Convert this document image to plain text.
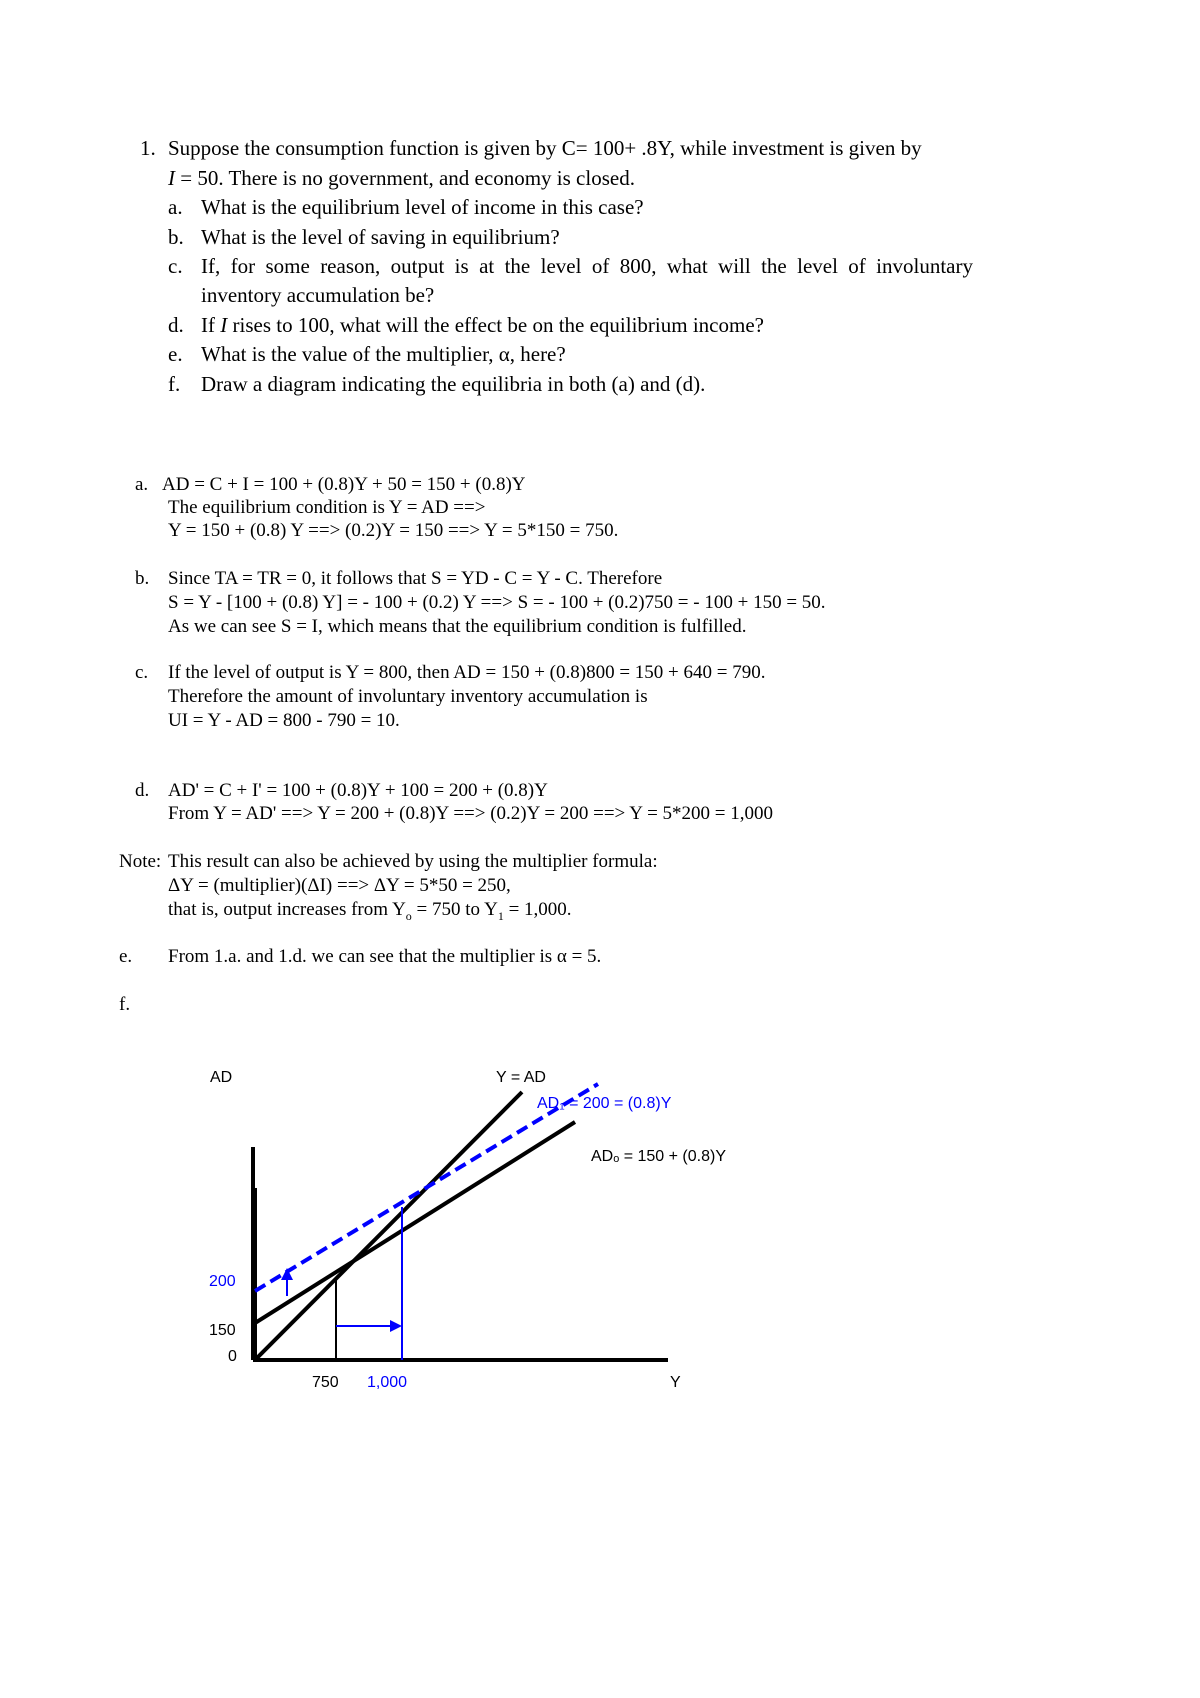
1. Suppose the consumption function is given by C= 100+ .8Y, while investment is given by
I = 50. There is no government, and economy is closed.
a. What is the equilibrium level of income in this case?
b. What is the level of saving in equilibrium?
c. If, for some reason, output is at the level of 800, what will the level of involuntary
inventory accumulation be?
d. If I rises to 100, what will the effect be on the equilibrium income?
e. What is the value of the multiplier, α, here?
f. Draw a diagram indicating the equilibria in both (a) and (d).
a. AD = C + I = 100 + (0.8)Y + 50 = 150 + (0.8)Y
The equilibrium condition is Y = AD ==>
Y = 150 + (0.8) Y ==> (0.2)Y = 150 ==> Y = 5*150 = 750.
b. Since TA = TR = 0, it follows that S = YD - C = Y - C. Therefore
S = Y - [100 + (0.8) Y] = - 100 + (0.2) Y ==> S = - 100 + (0.2)750 = - 100 + 150 = 50.
As we can see S = I, which means that the equilibrium condition is fulfilled.
c. If the level of output is Y = 800, then AD = 150 + (0.8)800 = 150 + 640 = 790.
Therefore the amount of involuntary inventory accumulation is
UI = Y - AD = 800 - 790 = 10.
d. AD' = C + I' = 100 + (0.8)Y + 100 = 200 + (0.8)Y
From Y = AD' ==> Y = 200 + (0.8)Y ==> (0.2)Y = 200 ==> Y = 5*200 = 1,000
Note: This result can also be achieved by using the multiplier formula:
ΔY = (multiplier)(ΔI) ==> ΔY = 5*50 = 250,
that is, output increases from $Y_o = 750$ to $Y_1 = 1,000$.
e. From 1.a. and 1.d. we can see that the multiplier is α = 5.
f.
AD	Y = AD
AD₁ = 200 = (0.8)Y
ADₒ = 150 + (0.8)Y
200
150
0
750 1,000	Y
